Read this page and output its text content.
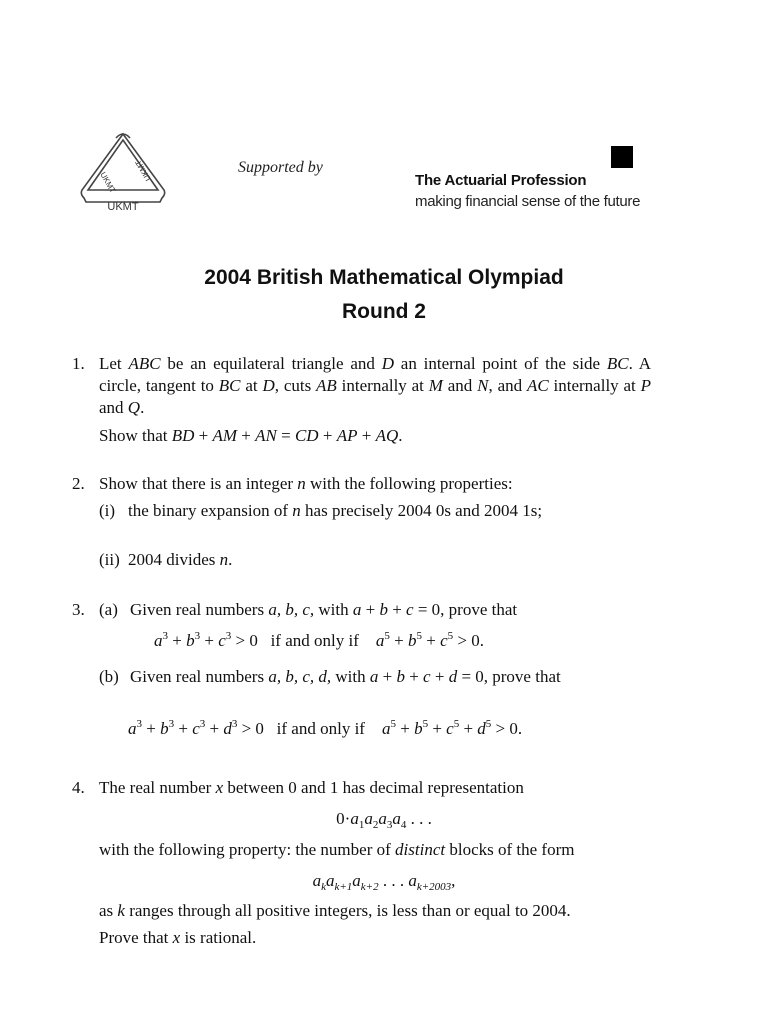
UKMT
UKMT
UKMT	Supported by
The Actuarial Profession
making financial sense of the future
2004 British Mathematical Olympiad
Round 2
1. Let ABC be an equilateral triangle and D an internal point of the side BC. A circle, tangent to BC at D, cuts AB internally at M and N, and AC internally at P and Q.
Show that BD + AM + AN = CD + AP + AQ.
2. Show that there is an integer n with the following properties:
(i) the binary expansion of n has precisely 2004 0s and 2004 1s;
(ii) 2004 divides n.
3. (a) Given real numbers a, b, c, with a + b + c = 0, prove that
$a^3 + b^3 + c^3 > 0$   if and only if $a^5 + b^5 + c^5 > 0$.
(b) Given real numbers a, b, c, d, with a + b + c + d = 0, prove that
$a^3 + b^3 + c^3 + d^3 > 0$   if and only if $a^5 + b^5 + c^5 + d^5 > 0$.
4. The real number x between 0 and 1 has decimal representation
$0\cdot a_1a_2a_3a_4$ . . .
with the following property: the number of distinct blocks of the form
$a_ka_{k+1}a_{k+2}$ . . . $a_{k+2003}$,
as k ranges through all positive integers, is less than or equal to 2004.
Prove that x is rational.
